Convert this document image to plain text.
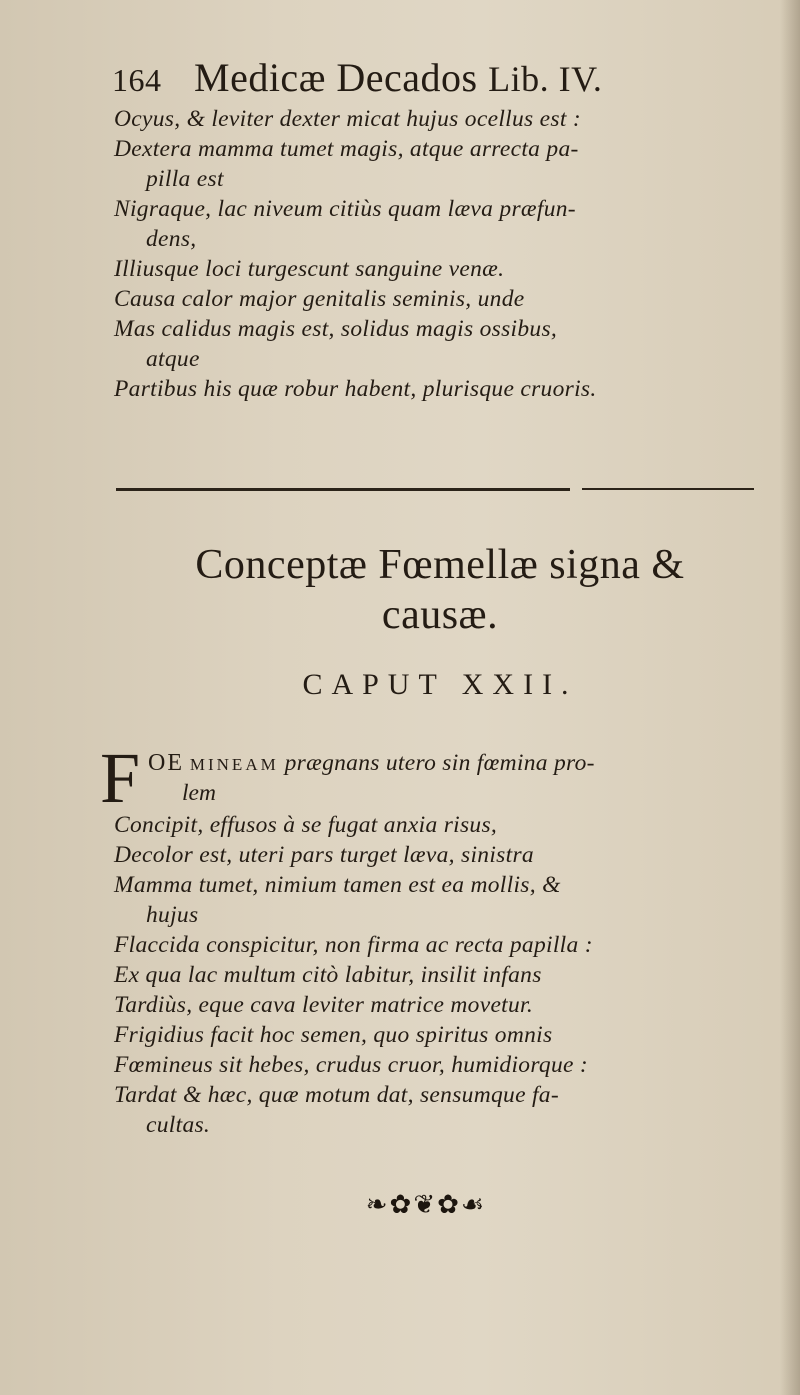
164 Medicæ Decados Lib. IV.
Ocyus, & leviter dexter micat hujus ocellus est :
Dextera mamma tumet magis, atque arrecta pa-
pilla est
Nigraque, lac niveum citiùs quam læva præfun-
dens,
Illiusque loci turgescunt sanguine venæ.
Causa calor major genitalis seminis, unde
Mas calidus magis est, solidus magis ossibus,
atque
Partibus his quæ robur habent, plurisque cruoris.
Conceptæ Fœmellæ signa &
causæ.
CAPUT XXII.
F OE MINEAM prægnans utero sin fœmina pro-
lem
Concipit, effusos à se fugat anxia risus,
Decolor est, uteri pars turget læva, sinistra
Mamma tumet, nimium tamen est ea mollis, &
hujus
Flaccida conspicitur, non firma ac recta papilla :
Ex qua lac multum citò labitur, insilit infans
Tardiùs, eque cava leviter matrice movetur.
Frigidius facit hoc semen, quo spiritus omnis
Fœmineus sit hebes, crudus cruor, humidiorque :
Tardat & hæc, quæ motum dat, sensumque fa-
cultas.
❧✿❦✿☙
